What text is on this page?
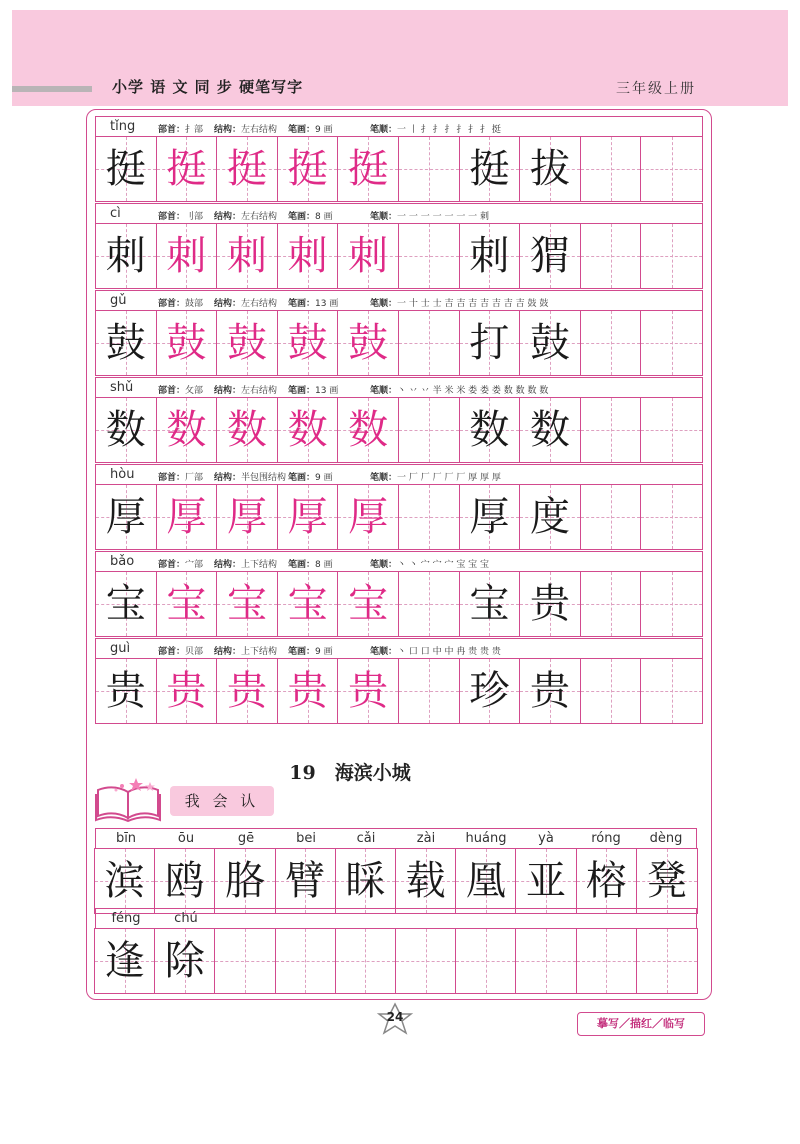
小学 语 文 同 步 硬笔写字	三年级上册
tǐng	部首：扌部 结构：左右结构 笔画：9 画	笔顺：一 丨 扌 扌 扌 扌 扌 扌 挺
挺 挺 挺 挺 挺 挺 拔
cì	部首：刂部 结构：左右结构 笔画：8 画	笔顺：一 一 一 一 一 一 一 刺
刺 刺 刺 刺 刺 刺 猬
gǔ	部首：鼓部 结构：左右结构 笔画：13 画	笔顺：一 十 士 士 吉 吉 吉 吉 吉 吉 吉 鼓 鼓
鼓 鼓 鼓 鼓 鼓 打 鼓
shǔ	部首：攵部 结构：左右结构 笔画：13 画	笔顺：丶 丷 丷 半 米 米 娄 娄 娄 数 数 数 数
数 数 数 数 数 数 数
hòu	部首：厂部 结构：半包围结构 笔画：9 画	笔顺：一 厂 厂 厂 厂 厂 厚 厚 厚
厚 厚 厚 厚 厚 厚 度
bǎo	部首：宀部 结构：上下结构 笔画：8 画	笔顺：丶 丶 宀 宀 宀 宝 宝 宝
宝 宝 宝 宝 宝 宝 贵
guì	部首：贝部 结构：上下结构 笔画：9 画	笔顺：丶 口 口 中 中 冉 贵 贵 贵
贵 贵 贵 贵 贵 珍 贵
19　海滨小城
我 会 认
bīn	ōu	gē	bei	cǎi	zài	huáng	yà	róng	dèng
滨 鸥 胳 臂 睬 载 凰 亚 榕 凳
féng	chú
逢 除
24	摹写／描红／临写
